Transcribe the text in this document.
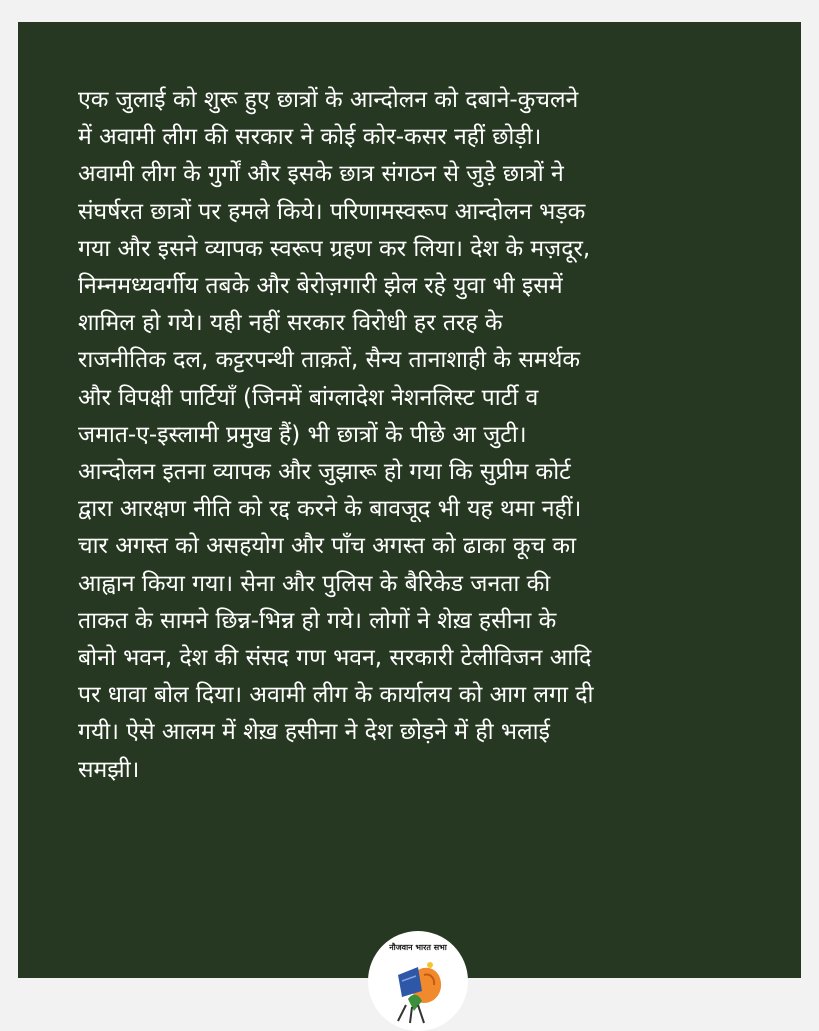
एक जुलाई को शुरू हुए छात्रों के आन्दोलन को दबाने-कुचलने
में अवामी लीग की सरकार ने कोई कोर-कसर नहीं छोड़ी।
अवामी लीग के गुर्गों और इसके छात्र संगठन से जुड़े छात्रों ने
संघर्षरत छात्रों पर हमले किये। परिणामस्वरूप आन्दोलन भड़क
गया और इसने व्यापक स्वरूप ग्रहण कर लिया। देश के मज़दूर,
निम्नमध्यवर्गीय तबके और बेरोज़गारी झेल रहे युवा भी इसमें
शामिल हो गये। यही नहीं सरकार विरोधी हर तरह के
राजनीतिक दल, कट्टरपन्थी ताक़तें, सैन्य तानाशाही के समर्थक
और विपक्षी पार्टियाँ (जिनमें बांग्लादेश नेशनलिस्ट पार्टी व
जमात-ए-इस्लामी प्रमुख हैं) भी छात्रों के पीछे आ जुटी।
आन्दोलन इतना व्यापक और जुझारू हो गया कि सुप्रीम कोर्ट
द्वारा आरक्षण नीति को रद्द करने के बावजूद भी यह थमा नहीं।
चार अगस्त को असहयोग और पाँच अगस्त को ढाका कूच का
आह्वान किया गया। सेना और पुलिस के बैरिकेड जनता की
ताकत के सामने छिन्न-भिन्न हो गये। लोगों ने शेख़ हसीना के
बोनो भवन, देश की संसद गण भवन, सरकारी टेलीविजन आदि
पर धावा बोल दिया। अवामी लीग के कार्यालय को आग लगा दी
गयी। ऐसे आलम में शेख़ हसीना ने देश छोड़ने में ही भलाई
समझी।

नौजवान भारत सभा
